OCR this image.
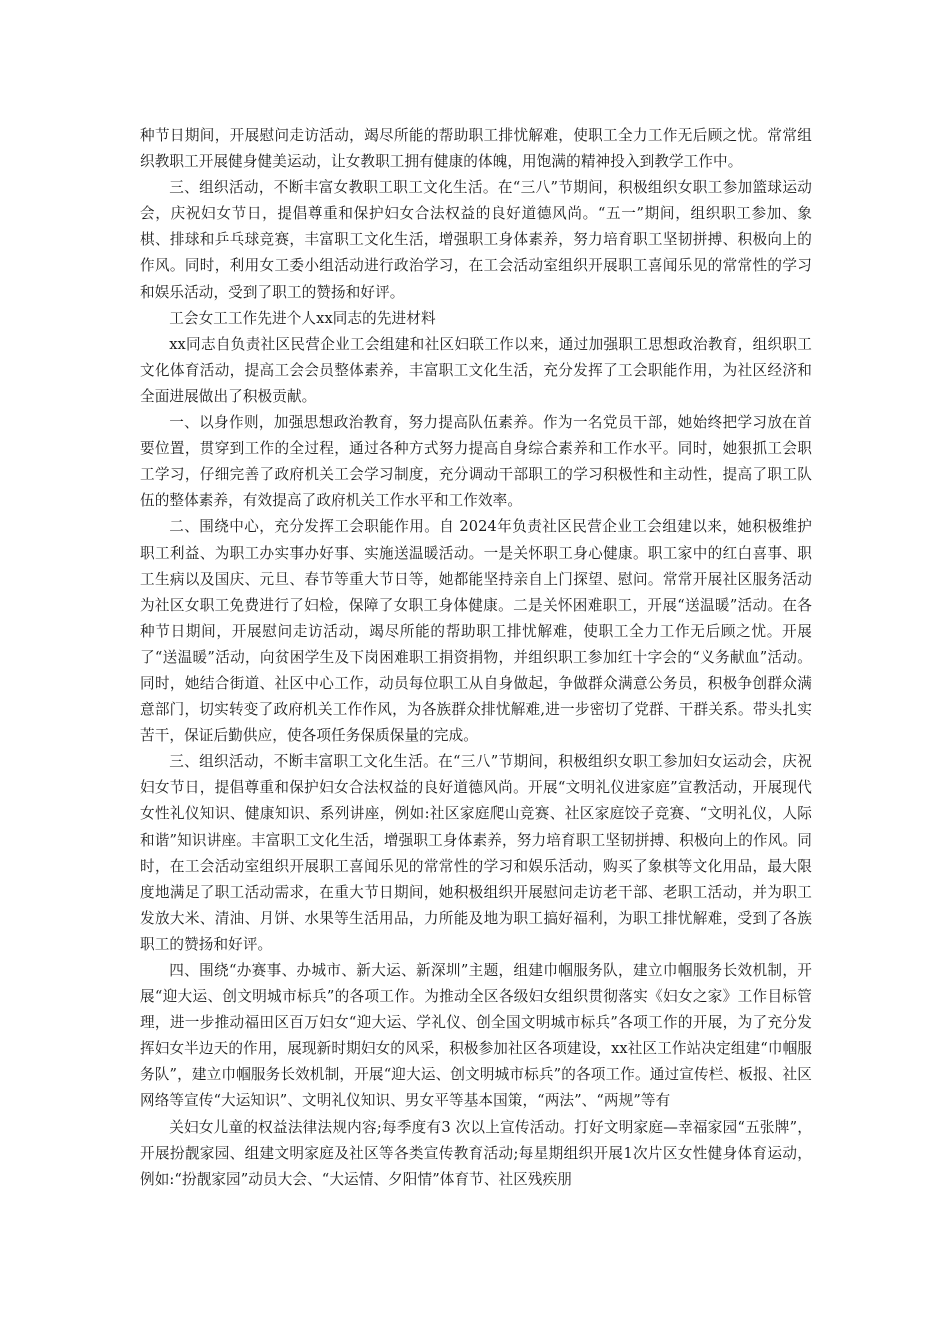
种节日期间，开展慰问走访活动，竭尽所能的帮助职工排忧解难，使职工全力工作无后顾之忧。常常组织教职工开展健身健美运动，让女教职工拥有健康的体魄，用饱满的精神投入到教学工作中。

三、组织活动，不断丰富女教职工职工文化生活。在“三八”节期间，积极组织女职工参加篮球运动会，庆祝妇女节日，提倡尊重和保护妇女合法权益的良好道德风尚。“五一”期间，组织职工参加、象棋、排球和乒乓球竞赛，丰富职工文化生活，增强职工身体素养，努力培育职工坚韧拼搏、积极向上的作风。同时，利用女工委小组活动进行政治学习，在工会活动室组织开展职工喜闻乐见的常常性的学习和娱乐活动，受到了职工的赞扬和好评。

工会女工工作先进个人xx同志的先进材料

xx同志自负责社区民营企业工会组建和社区妇联工作以来，通过加强职工思想政治教育，组织职工文化体育活动，提高工会会员整体素养，丰富职工文化生活，充分发挥了工会职能作用，为社区经济和全面进展做出了积极贡献。

一、以身作则，加强思想政治教育，努力提高队伍素养。作为一名党员干部，她始终把学习放在首要位置，贯穿到工作的全过程，通过各种方式努力提高自身综合素养和工作水平。同时，她狠抓工会职工学习，仔细完善了政府机关工会学习制度，充分调动干部职工的学习积极性和主动性，提高了职工队伍的整体素养，有效提高了政府机关工作水平和工作效率。

二、围绕中心，充分发挥工会职能作用。自 2024年负责社区民营企业工会组建以来，她积极维护职工利益、为职工办实事办好事、实施送温暖活动。一是关怀职工身心健康。职工家中的红白喜事、职工生病以及国庆、元旦、春节等重大节日等，她都能坚持亲自上门探望、慰问。常常开展社区服务活动为社区女职工免费进行了妇检，保障了女职工身体健康。二是关怀困难职工，开展“送温暖”活动。在各种节日期间，开展慰问走访活动，竭尽所能的帮助职工排忧解难，使职工全力工作无后顾之忧。开展了“送温暖”活动，向贫困学生及下岗困难职工捐资捐物，并组织职工参加红十字会的“义务献血”活动。同时，她结合街道、社区中心工作，动员每位职工从自身做起，争做群众满意公务员，积极争创群众满意部门，切实转变了政府机关工作作风，为各族群众排忧解难,进一步密切了党群、干群关系。带头扎实苦干，保证后勤供应，使各项任务保质保量的完成。

三、组织活动，不断丰富职工文化生活。在“三八”节期间，积极组织女职工参加妇女运动会，庆祝妇女节日，提倡尊重和保护妇女合法权益的良好道德风尚。开展“文明礼仪进家庭”宣教活动，开展现代女性礼仪知识、健康知识、系列讲座，例如:社区家庭爬山竞赛、社区家庭饺子竞赛、“文明礼仪，人际和谐”知识讲座。丰富职工文化生活，增强职工身体素养，努力培育职工坚韧拼搏、积极向上的作风。同时，在工会活动室组织开展职工喜闻乐见的常常性的学习和娱乐活动，购买了象棋等文化用品，最大限度地满足了职工活动需求，在重大节日期间，她积极组织开展慰问走访老干部、老职工活动，并为职工发放大米、清油、月饼、水果等生活用品，力所能及地为职工搞好福利，为职工排忧解难，受到了各族职工的赞扬和好评。

四、围绕“办赛事、办城市、新大运、新深圳”主题，组建巾帼服务队，建立巾帼服务长效机制，开展“迎大运、创文明城市标兵”的各项工作。为推动全区各级妇女组织贯彻落实《妇女之家》工作目标管理，进一步推动福田区百万妇女“迎大运、学礼仪、创全国文明城市标兵”各项工作的开展，为了充分发挥妇女半边天的作用，展现新时期妇女的风采，积极参加社区各项建设，xx社区工作站决定组建“巾帼服务队”，建立巾帼服务长效机制，开展“迎大运、创文明城市标兵”的各项工作。通过宣传栏、板报、社区网络等宣传“大运知识”、文明礼仪知识、男女平等基本国策，“两法”、“两规”等有

关妇女儿童的权益法律法规内容;每季度有3 次以上宣传活动。打好文明家庭—幸福家园“五张牌”，开展扮靓家园、组建文明家庭及社区等各类宣传教育活动;每星期组织开展1次片区女性健身体育运动，例如:“扮靓家园”动员大会、“大运情、夕阳情”体育节、社区残疾朋
